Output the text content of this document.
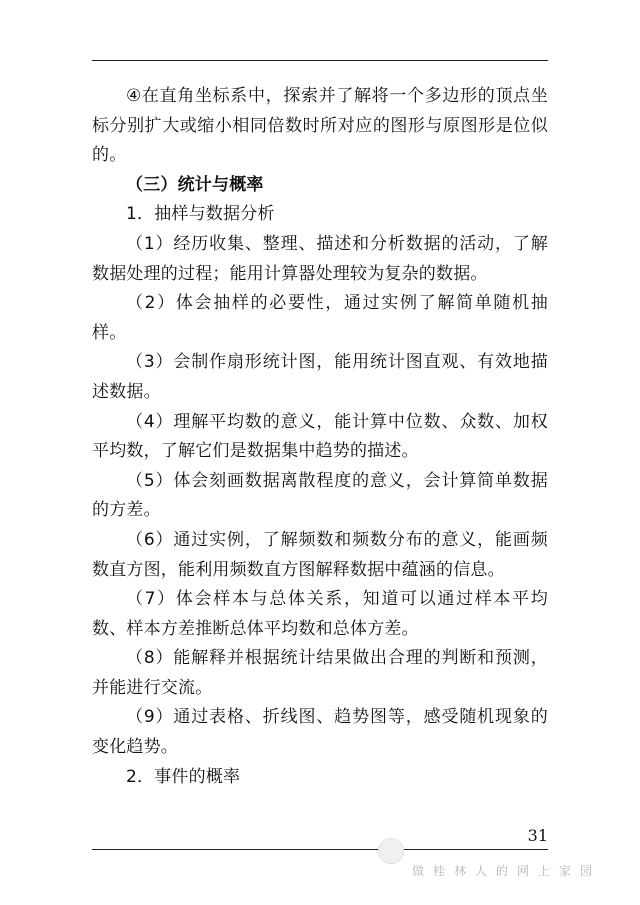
④在直角坐标系中，探索并了解将一个多边形的顶点坐标分别扩大或缩小相同倍数时所对应的图形与原图形是位似的。

（三）统计与概率

1．抽样与数据分析

（1）经历收集、整理、描述和分析数据的活动，了解数据处理的过程；能用计算器处理较为复杂的数据。

（2）体会抽样的必要性，通过实例了解简单随机抽样。

（3）会制作扇形统计图，能用统计图直观、有效地描述数据。

（4）理解平均数的意义，能计算中位数、众数、加权平均数，了解它们是数据集中趋势的描述。

（5）体会刻画数据离散程度的意义，会计算简单数据的方差。

（6）通过实例，了解频数和频数分布的意义，能画频数直方图，能利用频数直方图解释数据中蕴涵的信息。

（7）体会样本与总体关系，知道可以通过样本平均数、样本方差推断总体平均数和总体方差。

（8）能解释并根据统计结果做出合理的判断和预测，并能进行交流。

（9）通过表格、折线图、趋势图等，感受随机现象的变化趋势。

2．事件的概率

31
做桂林人的网上家园
